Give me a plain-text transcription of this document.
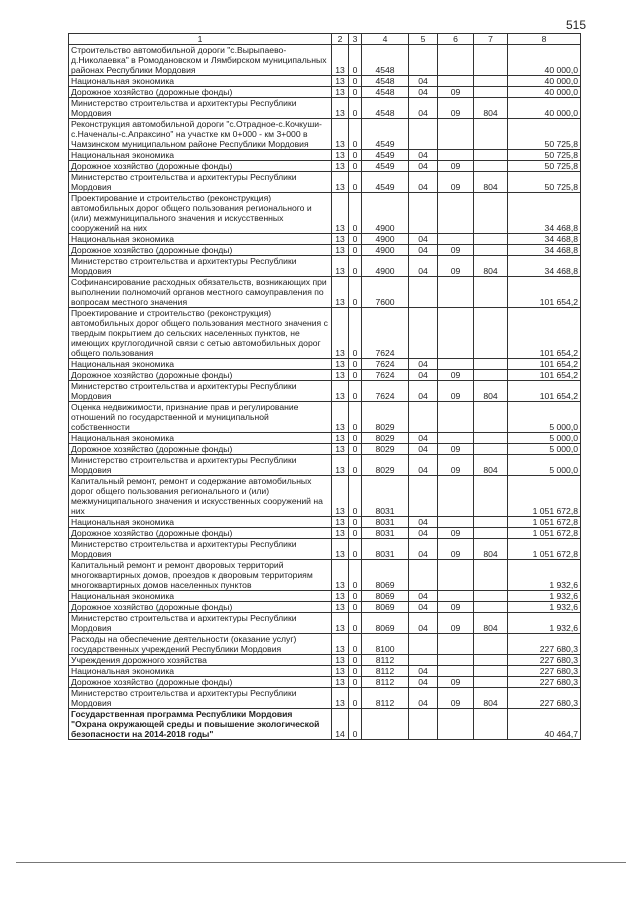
515
1	2	3	4	5	6	7	8
Строительство автомобильной дороги "с.Вырыпаево-д.Николаевка" в Ромодановском и Лямбирском муниципальных районах Республики Мордовия	13	0	4548				40 000,0
Национальная экономика	13	0	4548	04			40 000,0
Дорожное хозяйство (дорожные фонды)	13	0	4548	04	09		40 000,0
Министерство строительства и архитектуры Республики Мордовия	13	0	4548	04	09	804	40 000,0
Реконструкция автомобильной дороги "с.Отрадное-с.Кочкуши-с.Наченалы-с.Апраксино" на участке км 0+000 - км 3+000 в Чамзинском муниципальном районе Республики Мордовия	13	0	4549				50 725,8
Национальная экономика	13	0	4549	04			50 725,8
Дорожное хозяйство (дорожные фонды)	13	0	4549	04	09		50 725,8
Министерство строительства и архитектуры Республики Мордовия	13	0	4549	04	09	804	50 725,8
Проектирование и строительство (реконструкция) автомобильных дорог общего пользования регионального и (или) межмуниципального значения и искусственных сооружений на них	13	0	4900				34 468,8
Национальная экономика	13	0	4900	04			34 468,8
Дорожное хозяйство (дорожные фонды)	13	0	4900	04	09		34 468,8
Министерство строительства и архитектуры Республики Мордовия	13	0	4900	04	09	804	34 468,8
Софинансирование расходных обязательств, возникающих при выполнении полномочий органов местного самоуправления по вопросам местного значения	13	0	7600				101 654,2
Проектирование и строительство (реконструкция) автомобильных дорог общего пользования местного значения с твердым покрытием до сельских населенных пунктов, не имеющих круглогодичной связи с сетью автомобильных дорог общего пользования	13	0	7624				101 654,2
Национальная экономика	13	0	7624	04			101 654,2
Дорожное хозяйство (дорожные фонды)	13	0	7624	04	09		101 654,2
Министерство строительства и архитектуры Республики Мордовия	13	0	7624	04	09	804	101 654,2
Оценка недвижимости, признание прав и регулирование отношений по государственной и муниципальной собственности	13	0	8029				5 000,0
Национальная экономика	13	0	8029	04			5 000,0
Дорожное хозяйство (дорожные фонды)	13	0	8029	04	09		5 000,0
Министерство строительства и архитектуры Республики Мордовия	13	0	8029	04	09	804	5 000,0
Капитальный ремонт, ремонт и содержание автомобильных дорог общего пользования регионального и (или) межмуниципального значения и искусственных сооружений на них	13	0	8031				1 051 672,8
Национальная экономика	13	0	8031	04			1 051 672,8
Дорожное хозяйство (дорожные фонды)	13	0	8031	04	09		1 051 672,8
Министерство строительства и архитектуры Республики Мордовия	13	0	8031	04	09	804	1 051 672,8
Капитальный ремонт и ремонт дворовых территорий многоквартирных домов, проездов к дворовым территориям многоквартирных домов населенных пунктов	13	0	8069				1 932,6
Национальная экономика	13	0	8069	04			1 932,6
Дорожное хозяйство (дорожные фонды)	13	0	8069	04	09		1 932,6
Министерство строительства и архитектуры Республики Мордовия	13	0	8069	04	09	804	1 932,6
Расходы на обеспечение деятельности (оказание услуг) государственных учреждений Республики Мордовия	13	0	8100				227 680,3
Учреждения дорожного хозяйства	13	0	8112				227 680,3
Национальная экономика	13	0	8112	04			227 680,3
Дорожное хозяйство (дорожные фонды)	13	0	8112	04	09		227 680,3
Министерство строительства и архитектуры Республики Мордовия	13	0	8112	04	09	804	227 680,3
Государственная программа Республики Мордовия "Охрана окружающей среды и повышение экологической безопасности на 2014-2018 годы"	14	0					40 464,7
